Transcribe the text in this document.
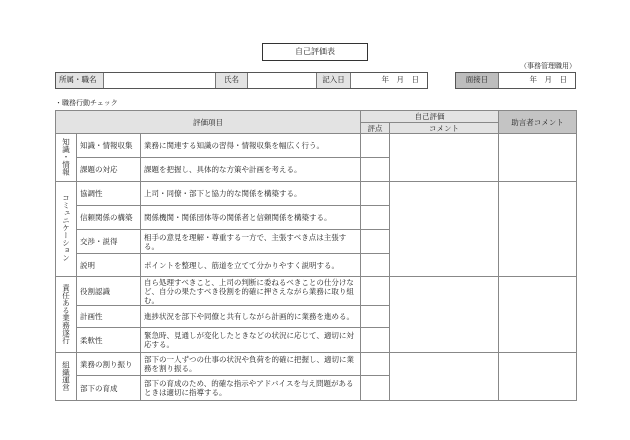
自己評価表
（事務管理職用）
所属・職名	氏名	記入日	年　月　日	面接日	年　月　日
・職務行動チェック
評価項目			自己評価		助言者コメント
			評点	コメント	
知識・情報	知識・情報収集	業務に関連する知識の習得・情報収集を幅広く行う。			
	課題の対応	課題を把握し、具体的な方策や計画を考える。			
コミュニケーション	協調性	上司・同僚・部下と協力的な関係を構築する。			
	信頼関係の構築	関係機関・関係団体等の関係者と信頼関係を構築する。			
	交渉・説得	相手の意見を理解・尊重する一方で、主張すべき点は主張する。			
	説明	ポイントを整理し、筋道を立てて分かりやすく説明する。			
責任ある業務遂行	役割認識	自ら処理すべきこと、上司の判断に委ねるべきことの仕分けなど、自分の果たすべき役割を的確に押さえながら業務に取り組む。			
	計画性	進捗状況を部下や同僚と共有しながら計画的に業務を進める。			
	柔軟性	緊急時、見通しが変化したときなどの状況に応じて、適切に対応する。			
組織運営	業務の割り振り	部下の一人ずつの仕事の状況や負荷を的確に把握し、適切に業務を割り振る。			
	部下の育成	部下の育成のため、的確な指示やアドバイスを与え問題があるときは適切に指導する。			
